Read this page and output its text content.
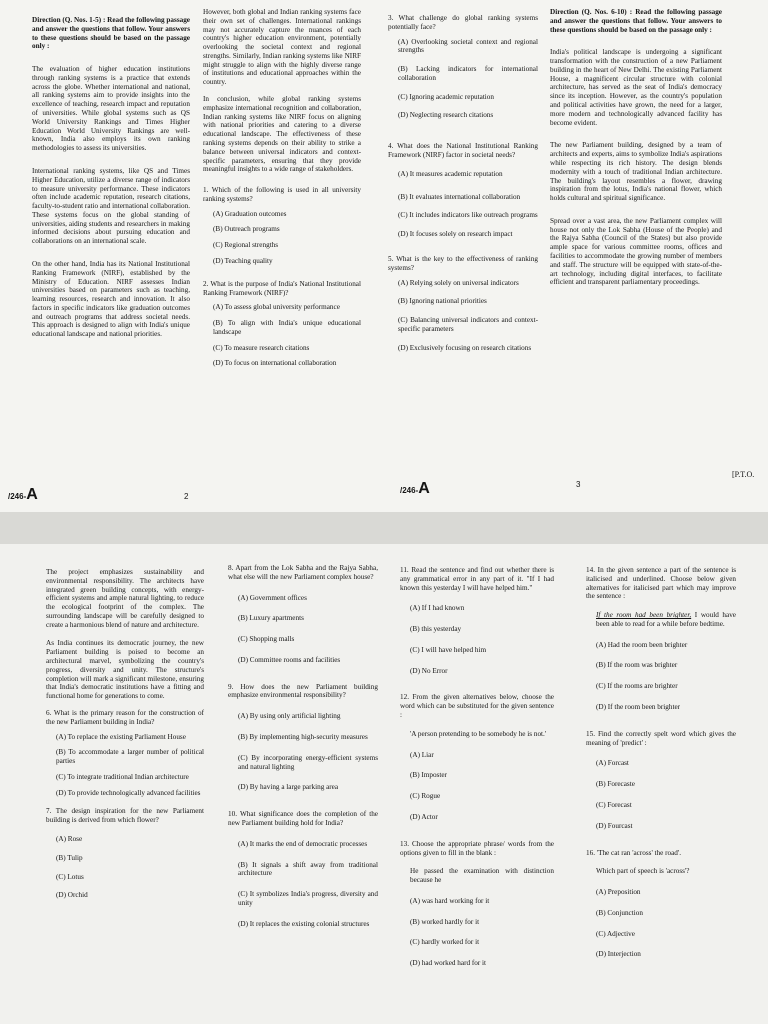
Direction (Q. Nos. 1-5) : Read the following passage and answer the questions that follow. Your answers to these questions should be based on the passage only :

The evaluation of higher education institutions through ranking systems is a practice that extends across the globe. Whether international and national, all ranking systems aim to provide insights into the excellence of teaching, research impact and reputation of universities. While global systems such as QS World University Rankings and Times Higher Education World University Rankings are well-known, India also employs its own ranking methodologies to assess its universities.

International ranking systems, like QS and Times Higher Education, utilize a diverse range of indicators to measure university performance. These indicators often include academic reputation, research citations, faculty-to-student ratio and international collaboration. These systems focus on the global standing of universities, aiding students and researchers in making informed decisions about pursuing education and collaborations on an international scale.

On the other hand, India has its National Institutional Ranking Framework (NIRF), established by the Ministry of Education. NIRF assesses Indian universities based on parameters such as teaching, learning resources, research and innovation. It also factors in specific indicators like graduation outcomes and outreach programs that address societal needs. This approach is designed to align with India's unique educational landscape and national priorities.

/246-A	2

However, both global and Indian ranking systems face their own set of challenges. International rankings may not accurately capture the nuances of each country's higher education environment, potentially overlooking the societal context and regional strengths. Similarly, Indian ranking systems like NIRF might struggle to align with the highly diverse range of institutions and educational approaches within the country.

In conclusion, while global ranking systems emphasize international recognition and collaboration, Indian ranking systems like NIRF focus on aligning with national priorities and catering to a diverse educational landscape. The effectiveness of these ranking systems depends on their ability to strike a balance between universal indicators and context-specific parameters, ensuring that they provide meaningful insights to a wide range of stakeholders.

1. Which of the following is used in all university ranking systems?
(A) Graduation outcomes
(B) Outreach programs
(C) Regional strengths
(D) Teaching quality
2. What is the purpose of India's National Institutional Ranking Framework (NIRF)?
(A) To assess global university performance
(B) To align with India's unique educational landscape
(C) To measure research citations
(D) To focus on international collaboration
3. What challenge do global ranking systems potentially face?
(A) Overlooking societal context and regional strengths
(B) Lacking indicators for international collaboration
(C) Ignoring academic reputation
(D) Neglecting research citations
4. What does the National Institutional Ranking Framework (NIRF) factor in societal needs?
(A) It measures academic reputation
(B) It evaluates international collaboration
(C) It includes indicators like outreach programs
(D) It focuses solely on research impact
5. What is the key to the effectiveness of ranking systems?
(A) Relying solely on universal indicators
(B) Ignoring national priorities
(C) Balancing universal indicators and context-specific parameters
(D) Exclusively focusing on research citations
/246-A

Direction (Q. Nos. 6-10) : Read the following passage and answer the questions that follow. Your answers to these questions should be based on the passage only :

India's political landscape is undergoing a significant transformation with the construction of a new Parliament building in the heart of New Delhi. The existing Parliament House, a magnificent circular structure with colonial architecture, has served as the seat of India's democracy since its inception. However, as the country's population and political activities have grown, the need for a larger, more modern and technologically advanced facility has become evident.

The new Parliament building, designed by a team of architects and experts, aims to symbolize India's aspirations while respecting its rich history. The design blends modernity with a touch of traditional Indian architecture. The building's layout resembles a flower, drawing inspiration from the lotus, India's national flower, which holds cultural and spiritual significance.

Spread over a vast area, the new Parliament complex will house not only the Lok Sabha (House of the People) and the Rajya Sabha (Council of the States) but also provide ample space for various committee rooms, offices and facilities to accommodate the growing number of members and staff. The structure will be equipped with state-of-the-art technology, including digital interfaces, to facilitate efficient and transparent parliamentary proceedings.

3
[P.T.O.

The project emphasizes sustainability and environmental responsibility. The architects have integrated green building concepts, with energy-efficient systems and ample natural lighting, to reduce the ecological footprint of the complex. The surrounding landscape will be carefully designed to create a harmonious blend of nature and architecture.

As India continues its democratic journey, the new Parliament building is poised to become an architectural marvel, symbolizing the country's progress, diversity and unity. The structure's completion will mark a significant milestone, ensuring that India's democratic institutions have a fitting and functional home for generations to come.

6. What is the primary reason for the construction of the new Parliament building in India?
(A) To replace the existing Parliament House
(B) To accommodate a larger number of political parties
(C) To integrate traditional Indian architecture
(D) To provide technologically advanced facilities
7. The design inspiration for the new Parliament building is derived from which flower?
(A) Rose
(B) Tulip
(C) Lotus
(D) Orchid
8. Apart from the Lok Sabha and the Rajya Sabha, what else will the new Parliament complex house?
(A) Government offices
(B) Luxury apartments
(C) Shopping malls
(D) Committee rooms and facilities
9. How does the new Parliament building emphasize environmental responsibility?
(A) By using only artificial lighting
(B) By implementing high-security measures
(C) By incorporating energy-efficient systems and natural lighting
(D) By having a large parking area
10. What significance does the completion of the new Parliament building hold for India?
(A) It marks the end of democratic processes
(B) It signals a shift away from traditional architecture
(C) It symbolizes India's progress, diversity and unity
(D) It replaces the existing colonial structures
11. Read the sentence and find out whether there is any grammatical error in any part of it. "If I had known this yesterday I will have helped him."
(A) If I had known
(B) this yesterday
(C) I will have helped him
(D) No Error
12. From the given alternatives below, choose the word which can be substituted for the given sentence :
'A person pretending to be somebody he is not.'
(A) Liar
(B) Imposter
(C) Rogue
(D) Actor
13. Choose the appropriate phrase/ words from the options given to fill in the blank :
He passed the examination with distinction because he
(A) was hard working for it
(B) worked hardly for it
(C) hardly worked for it
(D) had worked hard for it
14. In the given sentence a part of the sentence is italicised and underlined. Choose below given alternatives for italicised part which may improve the sentence :
If the room had been brighter, I would have been able to read for a while before bedtime.
(A) Had the room been brighter
(B) If the room was brighter
(C) If the rooms are brighter
(D) If the room been brighter
15. Find the correctly spelt word which gives the meaning of 'predict' :
(A) Forcast
(B) Forecaste
(C) Forecast
(D) Fourcast
16. 'The cat ran 'across' the road'.
Which part of speech is 'across'?
(A) Preposition
(B) Conjunction
(C) Adjective
(D) Interjection
